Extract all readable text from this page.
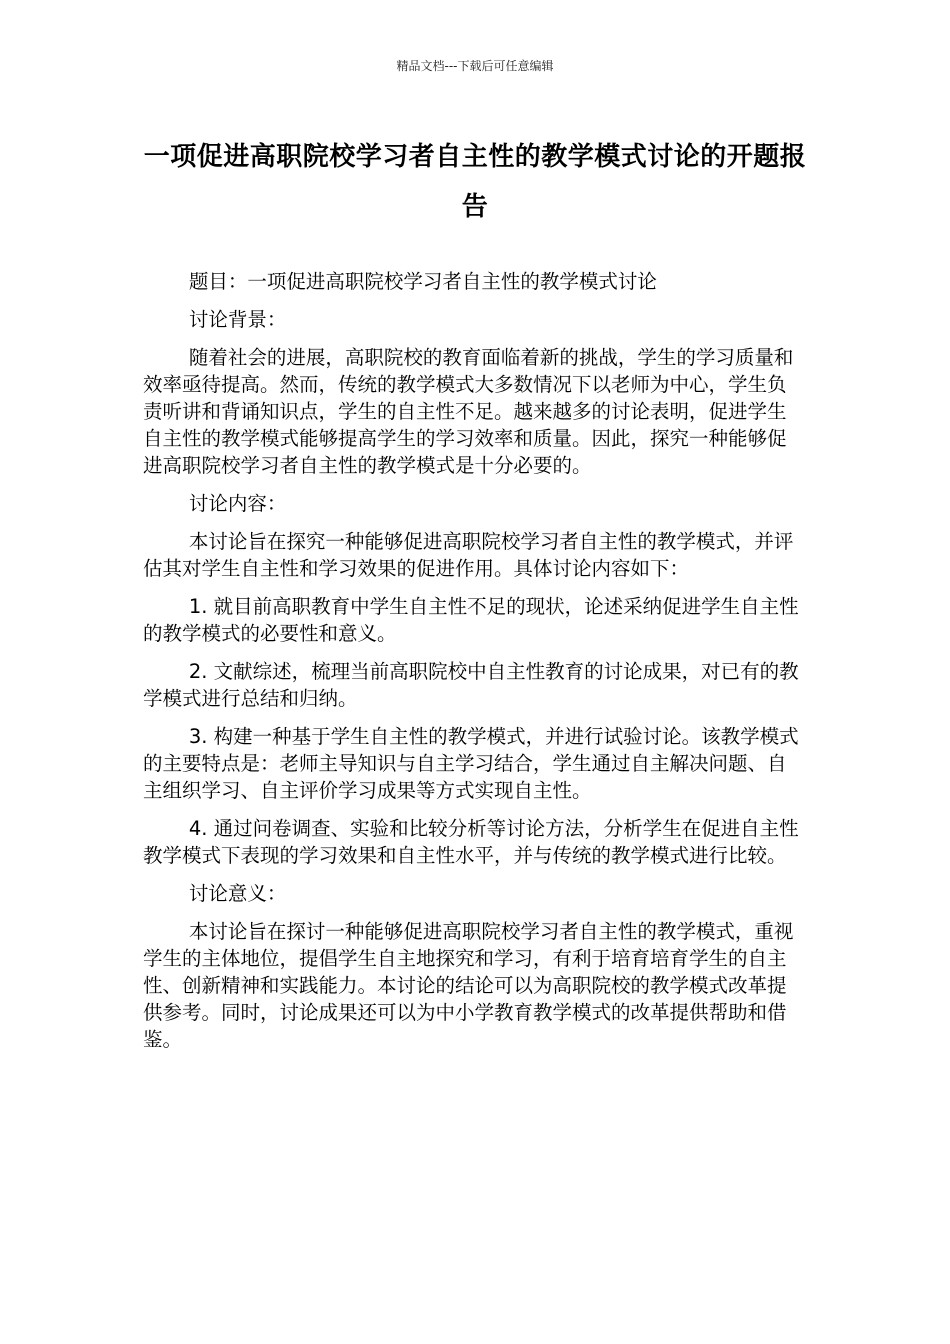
精品文档---下载后可任意编辑
一项促进高职院校学习者自主性的教学模式讨论的开题报告

题目：一项促进高职院校学习者自主性的教学模式讨论

讨论背景：

随着社会的进展，高职院校的教育面临着新的挑战，学生的学习质量和效率亟待提高。然而，传统的教学模式大多数情况下以老师为中心，学生负责听讲和背诵知识点，学生的自主性不足。越来越多的讨论表明，促进学生自主性的教学模式能够提高学生的学习效率和质量。因此，探究一种能够促进高职院校学习者自主性的教学模式是十分必要的。

讨论内容：

本讨论旨在探究一种能够促进高职院校学习者自主性的教学模式，并评估其对学生自主性和学习效果的促进作用。具体讨论内容如下：

1. 就目前高职教育中学生自主性不足的现状，论述采纳促进学生自主性的教学模式的必要性和意义。

2. 文献综述，梳理当前高职院校中自主性教育的讨论成果，对已有的教学模式进行总结和归纳。

3. 构建一种基于学生自主性的教学模式，并进行试验讨论。该教学模式的主要特点是：老师主导知识与自主学习结合，学生通过自主解决问题、自主组织学习、自主评价学习成果等方式实现自主性。

4. 通过问卷调查、实验和比较分析等讨论方法，分析学生在促进自主性教学模式下表现的学习效果和自主性水平，并与传统的教学模式进行比较。

讨论意义：

本讨论旨在探讨一种能够促进高职院校学习者自主性的教学模式，重视学生的主体地位，提倡学生自主地探究和学习，有利于培育培育学生的自主性、创新精神和实践能力。本讨论的结论可以为高职院校的教学模式改革提供参考。同时，讨论成果还可以为中小学教育教学模式的改革提供帮助和借鉴。
